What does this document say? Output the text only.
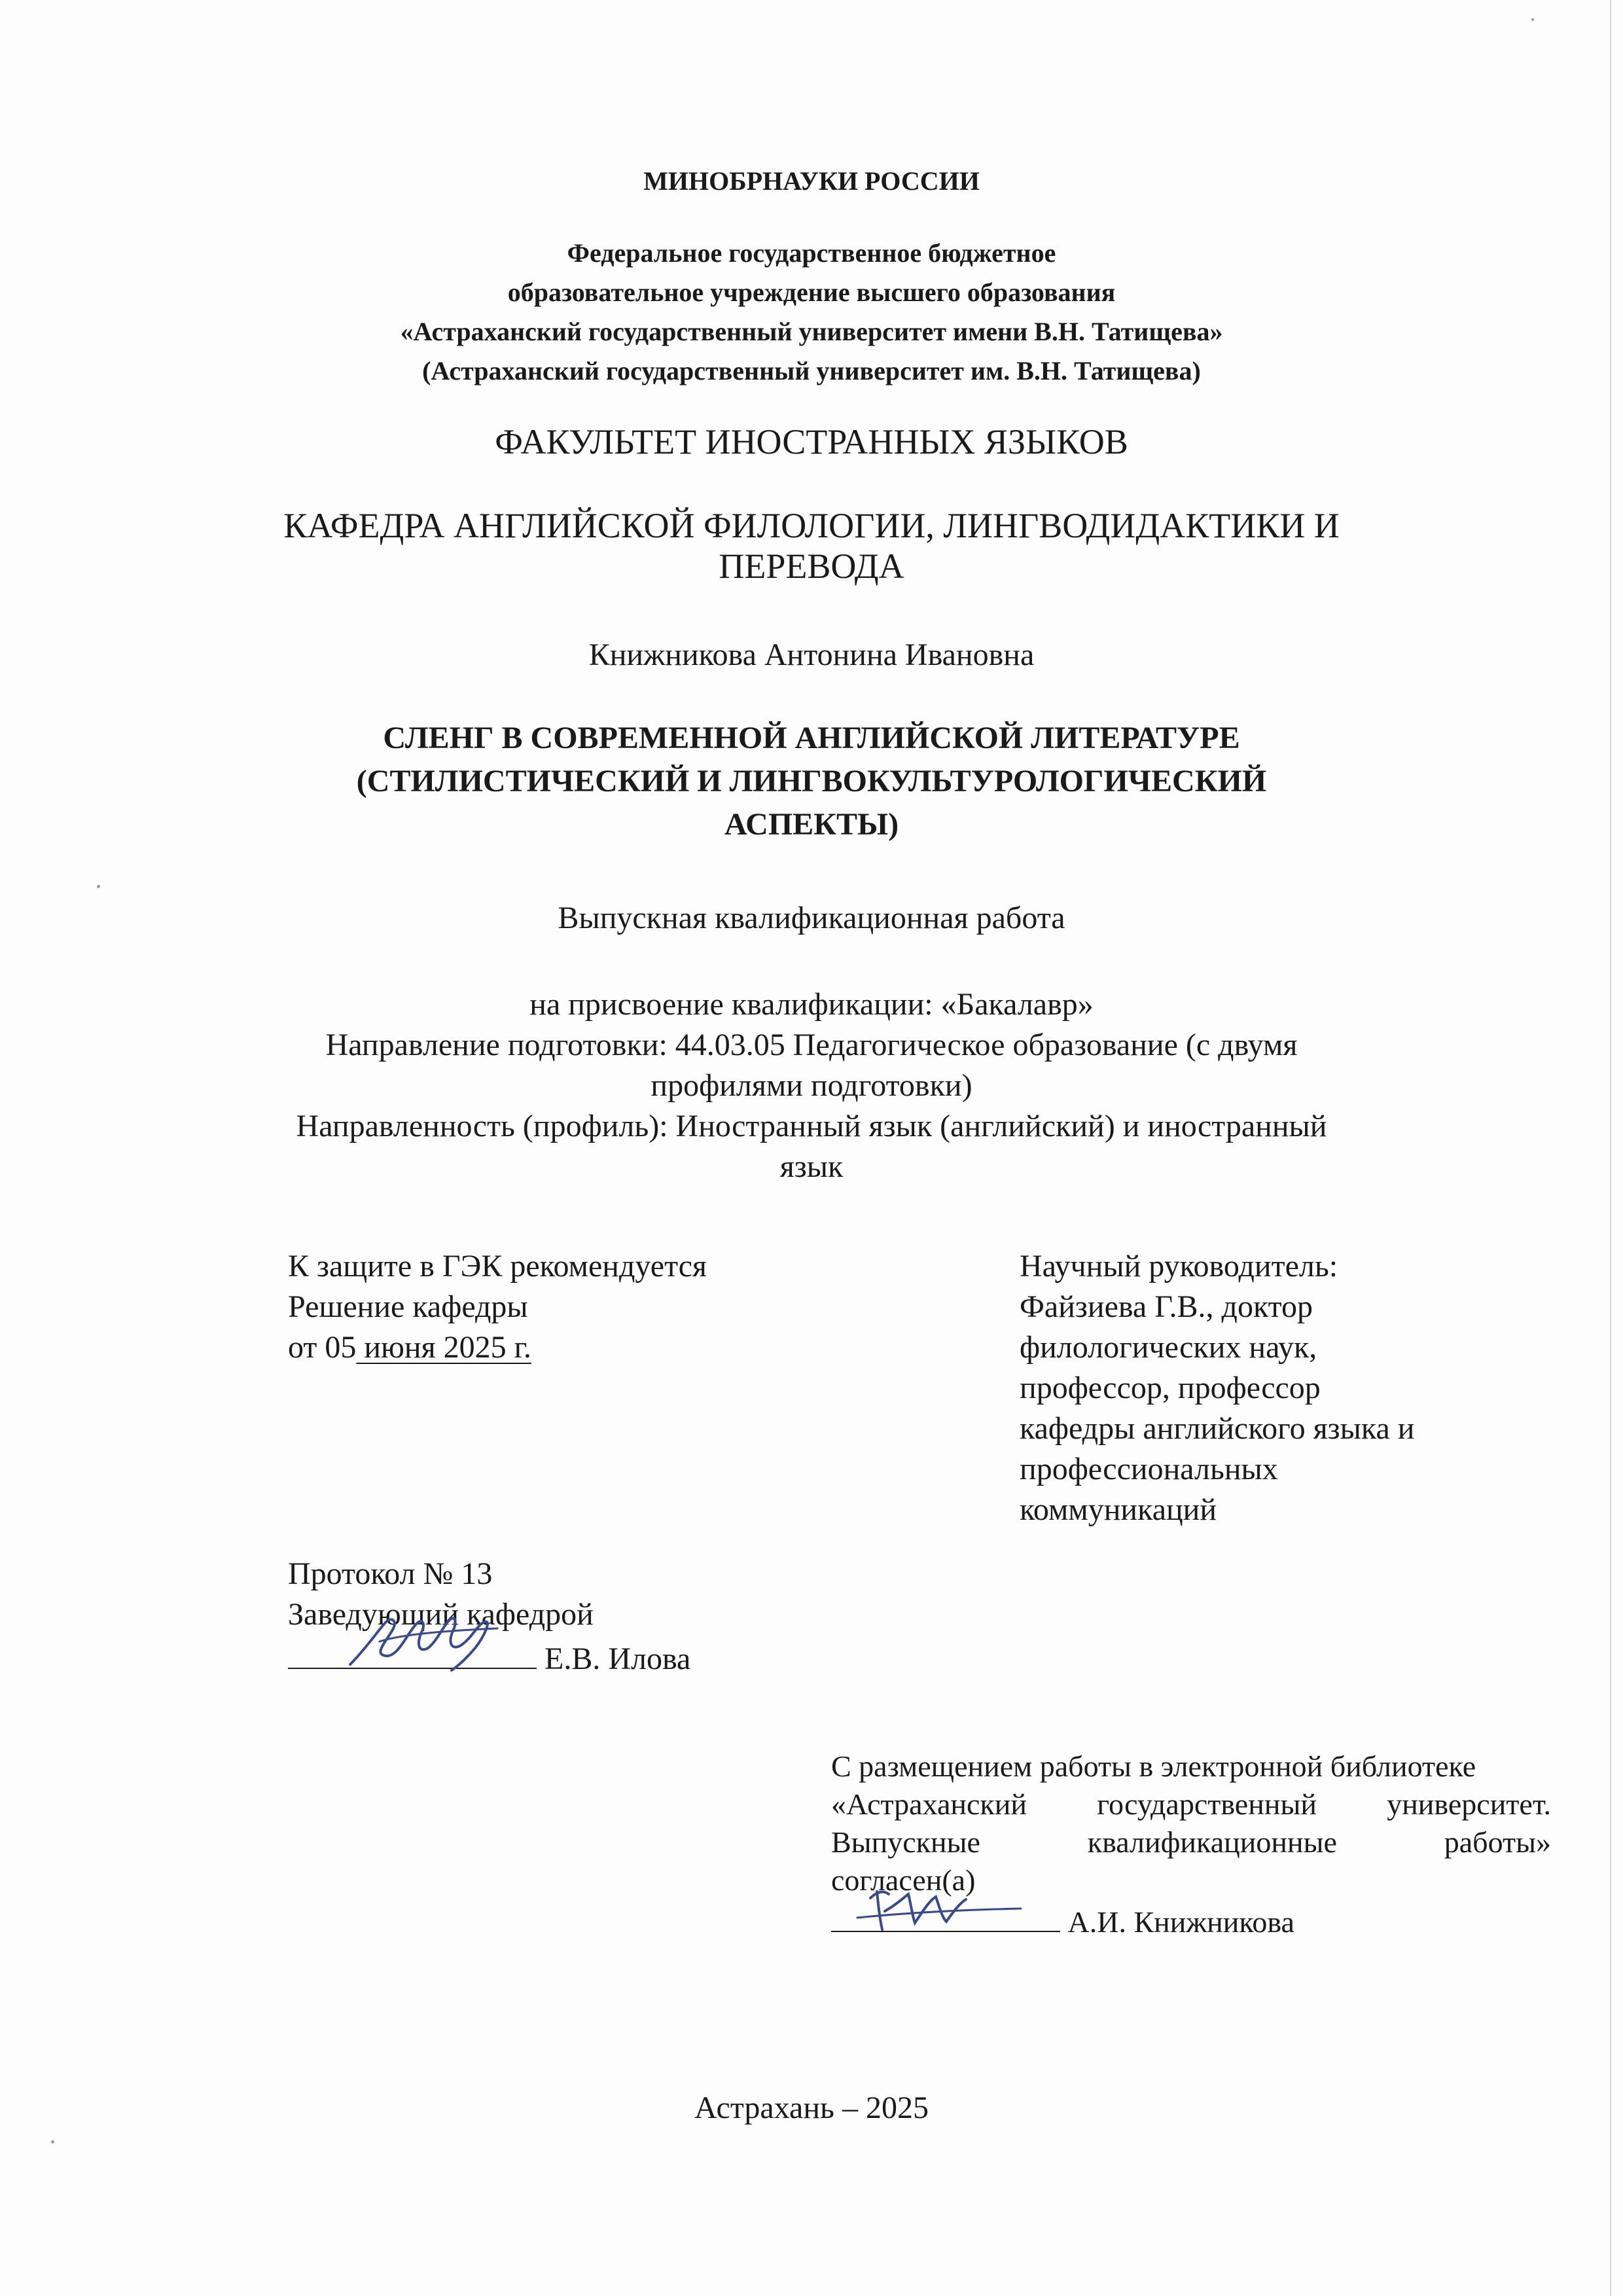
МИНОБРНАУКИ РОССИИ
Федеральное государственное бюджетное
образовательное учреждение высшего образования
«Астраханский государственный университет имени В.Н. Татищева»
(Астраханский государственный университет им. В.Н. Татищева)
ФАКУЛЬТЕТ ИНОСТРАННЫХ ЯЗЫКОВ
КАФЕДРА АНГЛИЙСКОЙ ФИЛОЛОГИИ, ЛИНГВОДИДАКТИКИ И
ПЕРЕВОДА
Книжникова Антонина Ивановна
СЛЕНГ В СОВРЕМЕННОЙ АНГЛИЙСКОЙ ЛИТЕРАТУРЕ
(СТИЛИСТИЧЕСКИЙ И ЛИНГВОКУЛЬТУРОЛОГИЧЕСКИЙ
АСПЕКТЫ)
Выпускная квалификационная работа
на присвоение квалификации: «Бакалавр»
Направление подготовки: 44.03.05 Педагогическое образование (с двумя
профилями подготовки)
Направленность (профиль): Иностранный язык (английский) и иностранный
язык
К защите в ГЭК рекомендуется
Решение кафедры
от 05 июня 2025 г.
Научный руководитель:
Файзиева Г.В., доктор
филологических наук,
профессор, профессор
кафедры английского языка и
профессиональных
коммуникаций
Протокол № 13
Заведующий кафедрой
Е.В. Илова
С размещением работы в электронной библиотеке
«Астраханский государственный университет.
Выпускные	квалификационные	работы»
согласен(а)
А.И. Книжникова
Астрахань – 2025
